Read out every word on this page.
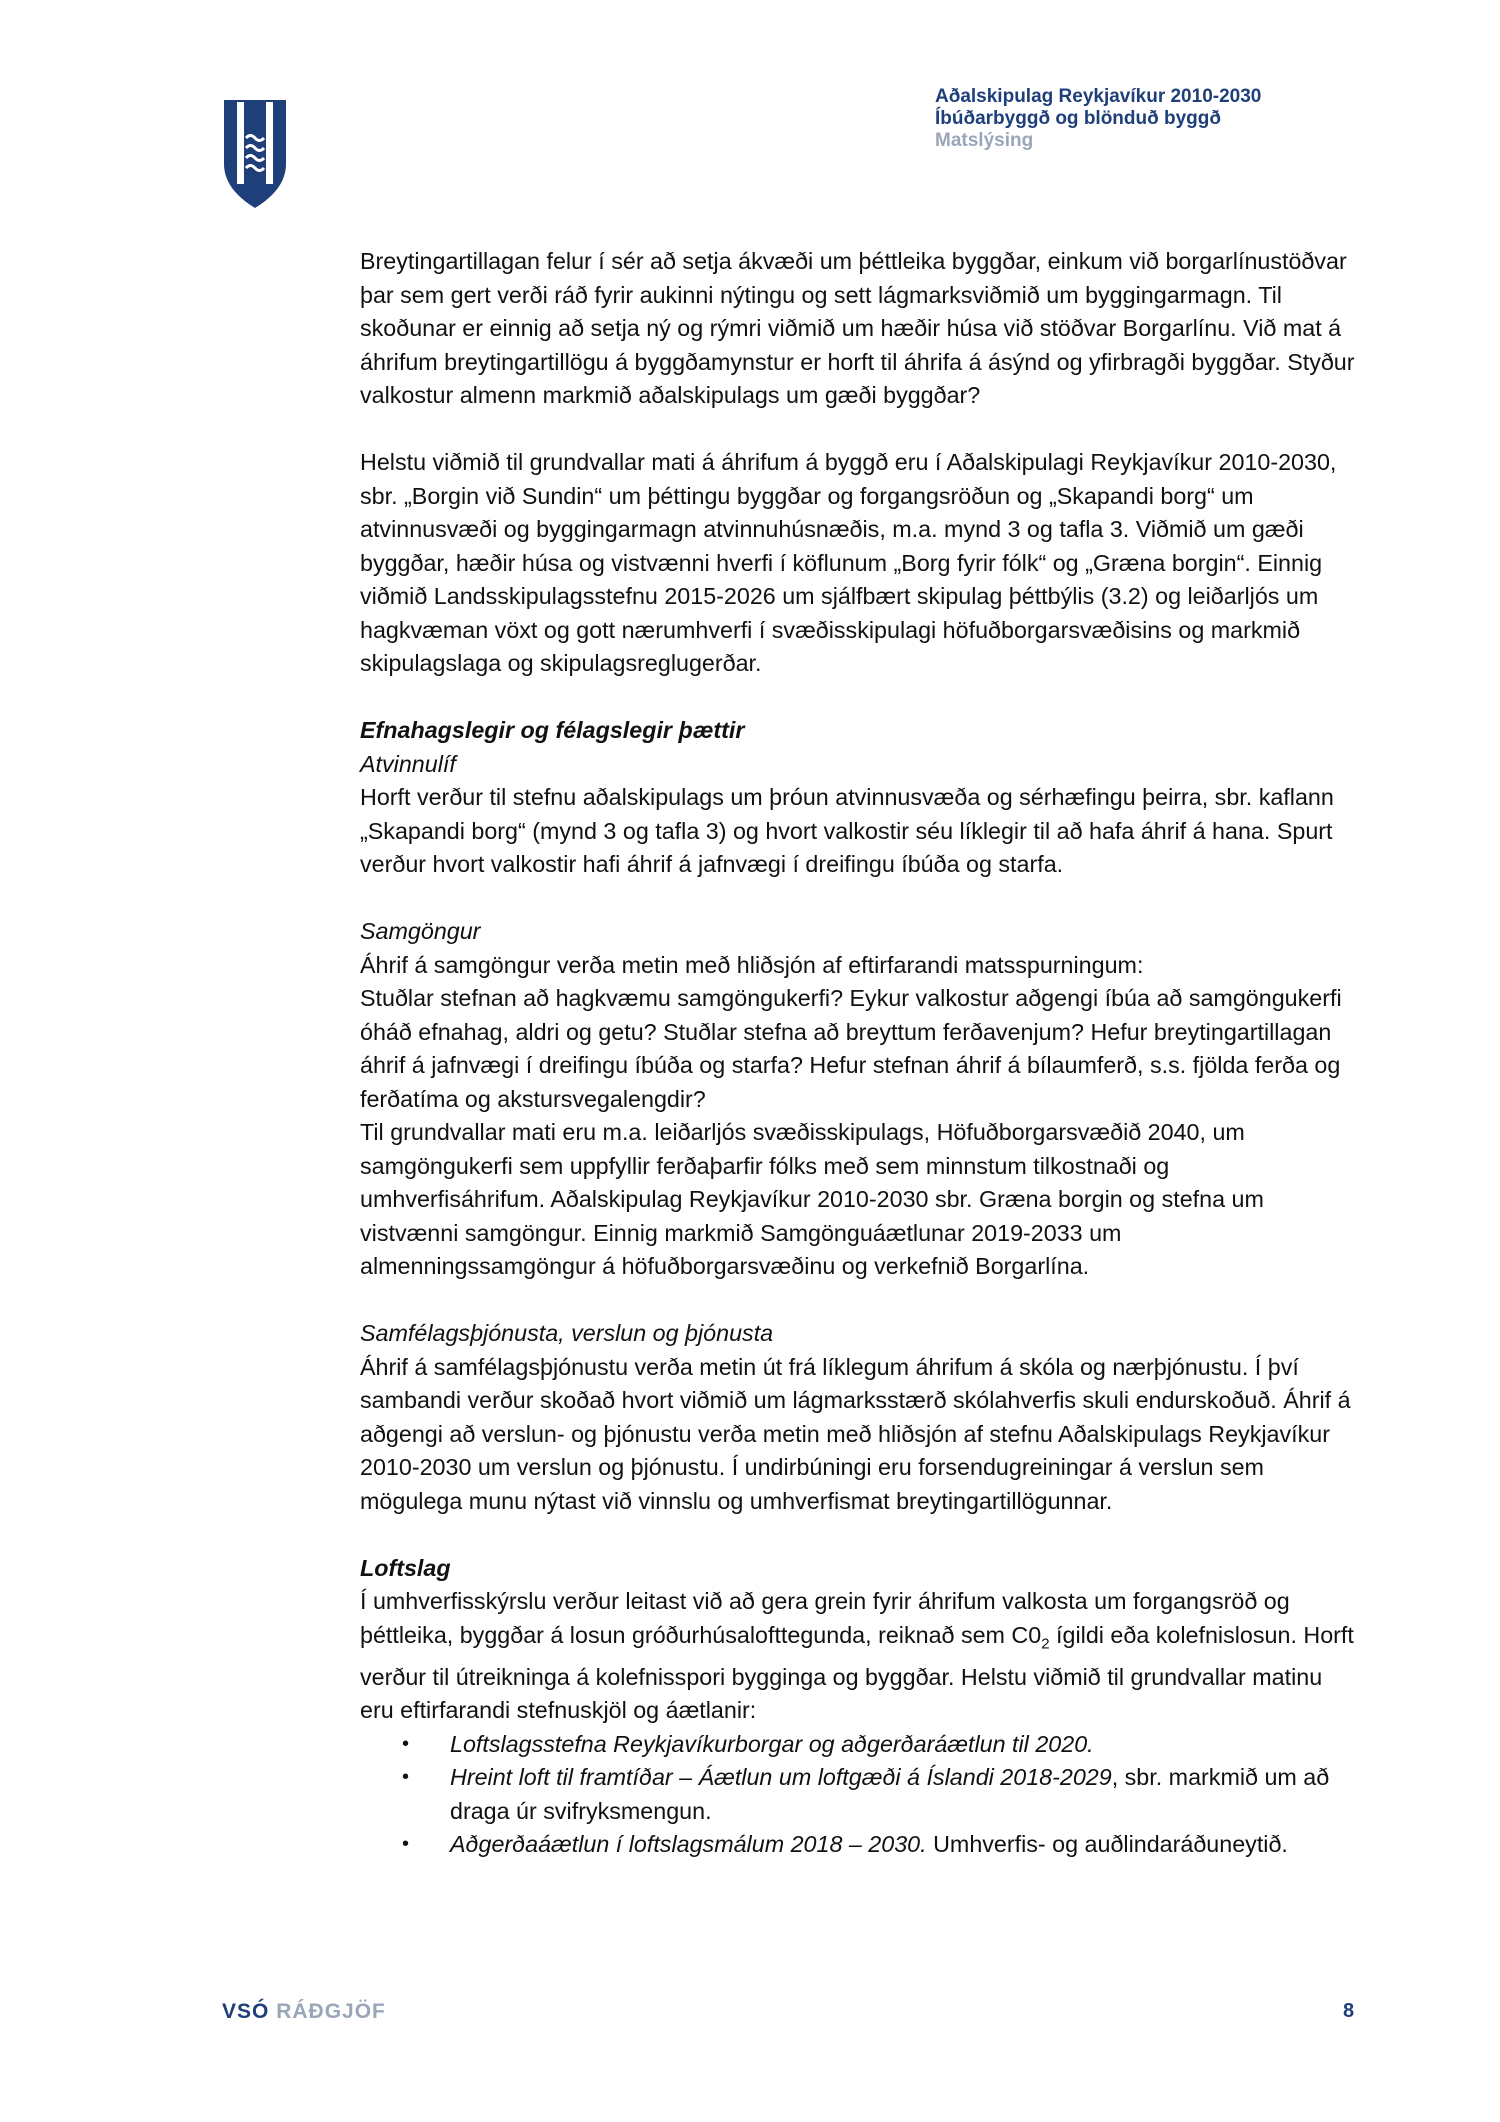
Aðalskipulag Reykjavíkur 2010-2030
Íbúðarbyggð og blönduð byggð
Matslýsing

Breytingartillagan felur í sér að setja ákvæði um þéttleika byggðar, einkum við borgarlínustöðvar þar sem gert verði ráð fyrir aukinni nýtingu og sett lágmarksviðmið um byggingarmagn. Til skoðunar er einnig að setja ný og rýmri viðmið um hæðir húsa við stöðvar Borgarlínu. Við mat á áhrifum breytingartillögu á byggðamynstur er horft til áhrifa á ásýnd og yfirbragði byggðar. Styður valkostur almenn markmið aðalskipulags um gæði byggðar?

Helstu viðmið til grundvallar mati á áhrifum á byggð eru í Aðalskipulagi Reykjavíkur 2010-2030, sbr. „Borgin við Sundin“ um þéttingu byggðar og forgangsröðun og „Skapandi borg“ um atvinnusvæði og byggingarmagn atvinnuhúsnæðis, m.a. mynd 3 og tafla 3. Viðmið um gæði byggðar, hæðir húsa og vistvænni hverfi í köflunum „Borg fyrir fólk“ og „Græna borgin“. Einnig viðmið Landsskipulagsstefnu 2015-2026 um sjálfbært skipulag þéttbýlis (3.2) og leiðarljós um hagkvæman vöxt og gott nærumhverfi í svæðisskipulagi höfuðborgarsvæðisins og markmið skipulagslaga og skipulagsreglugerðar.

Efnahagslegir og félagslegir þættir

Atvinnulíf

Horft verður til stefnu aðalskipulags um þróun atvinnusvæða og sérhæfingu þeirra, sbr. kaflann „Skapandi borg“ (mynd 3 og tafla 3) og hvort valkostir séu líklegir til að hafa áhrif á hana. Spurt verður hvort valkostir hafi áhrif á jafnvægi í dreifingu íbúða og starfa.

Samgöngur

Áhrif á samgöngur verða metin með hliðsjón af eftirfarandi matsspurningum:

Stuðlar stefnan að hagkvæmu samgöngukerfi? Eykur valkostur aðgengi íbúa að samgöngukerfi óháð efnahag, aldri og getu? Stuðlar stefna að breyttum ferðavenjum? Hefur breytingartillagan áhrif á jafnvægi í dreifingu íbúða og starfa? Hefur stefnan áhrif á bílaumferð, s.s. fjölda ferða og ferðatíma og akstursvegalengdir?

Til grundvallar mati eru m.a. leiðarljós svæðisskipulags, Höfuðborgarsvæðið 2040, um samgöngukerfi sem uppfyllir ferðaþarfir fólks með sem minnstum tilkostnaði og umhverfisáhrifum. Aðalskipulag Reykjavíkur 2010-2030 sbr. Græna borgin og stefna um vistvænni samgöngur. Einnig markmið Samgönguáætlunar 2019-2033 um almenningssamgöngur á höfuðborgarsvæðinu og verkefnið Borgarlína.

Samfélagsþjónusta, verslun og þjónusta

Áhrif á samfélagsþjónustu verða metin út frá líklegum áhrifum á skóla og nærþjónustu. Í því sambandi verður skoðað hvort viðmið um lágmarksstærð skólahverfis skuli endurskoðuð. Áhrif á aðgengi að verslun- og þjónustu verða metin með hliðsjón af stefnu Aðalskipulags Reykjavíkur 2010-2030 um verslun og þjónustu. Í undirbúningi eru forsendugreiningar á verslun sem mögulega munu nýtast við vinnslu og umhverfismat breytingartillögunnar.

Loftslag

Í umhverfisskýrslu verður leitast við að gera grein fyrir áhrifum valkosta um forgangsröð og þéttleika, byggðar á losun gróðurhúsalofttegunda, reiknað sem $C0_2$ ígildi eða kolefnislosun. Horft verður til útreikninga á kolefnisspori bygginga og byggðar. Helstu viðmið til grundvallar matinu eru eftirfarandi stefnuskjöl og áætlanir:

• Loftslagsstefna Reykjavíkurborgar og aðgerðaráætlun til 2020.
• Hreint loft til framtíðar – Áætlun um loftgæði á Íslandi 2018-2029, sbr. markmið um að draga úr svifryksmengun.
• Aðgerðaáætlun í loftslagsmálum 2018 – 2030. Umhverfis- og auðlindaráðuneytið.
VSÓ RÁÐGJÖF	8
